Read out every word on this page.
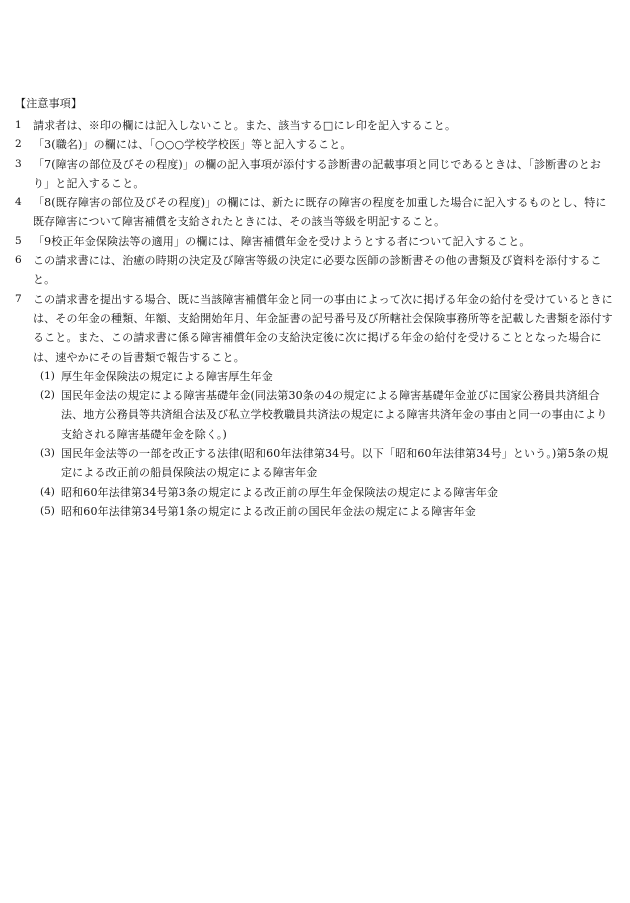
【注意事項】
1	請求者は、※印の欄には記入しないこと。また、該当する□にレ印を記入すること。
2	「3(職名)」の欄には、「○○○学校学校医」等と記入すること。
3	「7(障害の部位及びその程度)」の欄の記入事項が添付する診断書の記載事項と同じであるときは、「診断書のとおり」と記入すること。
4	「8(既存障害の部位及びその程度)」の欄には、新たに既存の障害の程度を加重した場合に記入するものとし、特に既存障害について障害補償を支給されたときには、その該当等級を明記すること。
5	「9校正年金保険法等の適用」の欄には、障害補償年金を受けようとする者について記入すること。
6	この請求書には、治癒の時期の決定及び障害等級の決定に必要な医師の診断書その他の書類及び資料を添付すること。
7	この請求書を提出する場合、既に当該障害補償年金と同一の事由によって次に掲げる年金の給付を受けているときには、その年金の種類、年額、支給開始年月、年金証書の記号番号及び所轄社会保険事務所等を記載した書類を添付すること。また、この請求書に係る障害補償年金の支給決定後に次に掲げる年金の給付を受けることとなった場合には、速やかにその旨書類で報告すること。
(1) 厚生年金保険法の規定による障害厚生年金
(2) 国民年金法の規定による障害基礎年金(同法第30条の4の規定による障害基礎年金並びに国家公務員共済組合法、地方公務員等共済組合法及び私立学校教職員共済法の規定による障害共済年金の事由と同一の事由により支給される障害基礎年金を除く。)
(3) 国民年金法等の一部を改正する法律(昭和60年法律第34号。以下「昭和60年法律第34号」という。)第5条の規定による改正前の船員保険法の規定による障害年金
(4) 昭和60年法律第34号第3条の規定による改正前の厚生年金保険法の規定による障害年金
(5) 昭和60年法律第34号第1条の規定による改正前の国民年金法の規定による障害年金
